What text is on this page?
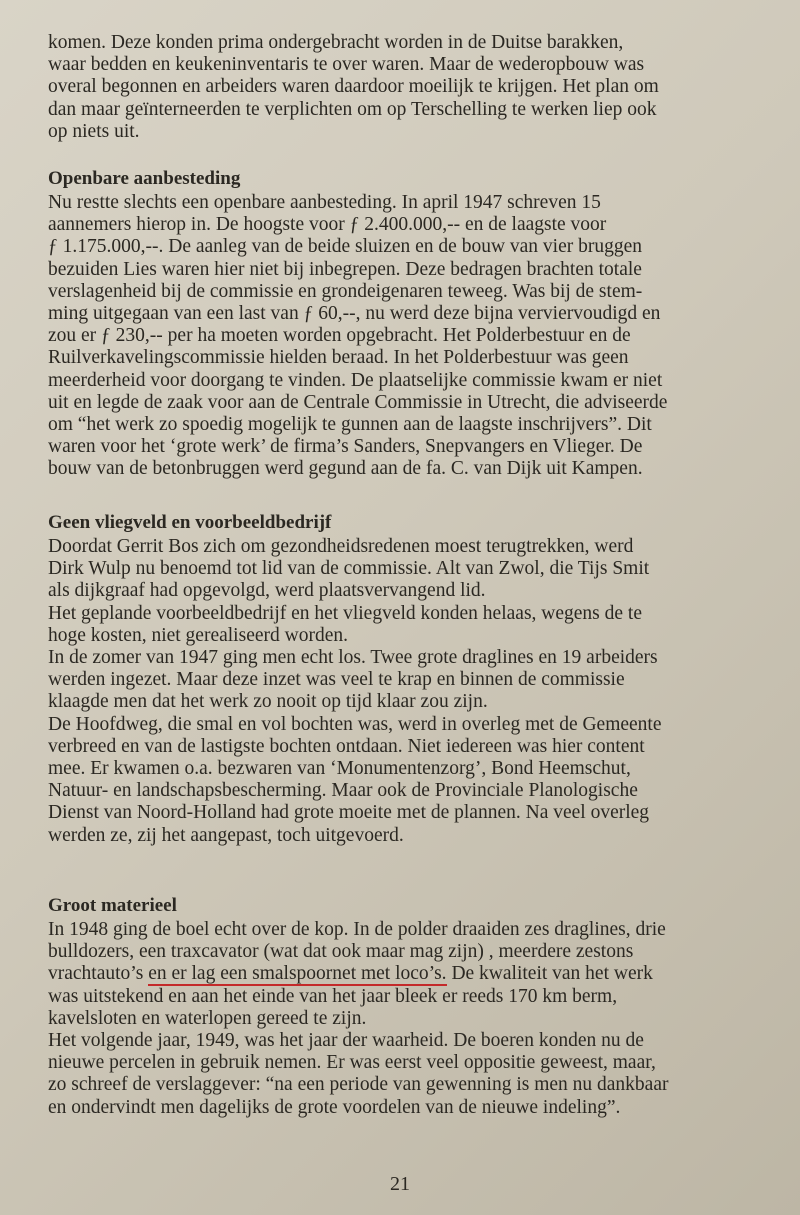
komen. Deze konden prima ondergebracht worden in de Duitse barakken,
waar bedden en keukeninventaris te over waren. Maar de wederopbouw was
overal begonnen en arbeiders waren daardoor moeilijk te krijgen. Het plan om
dan maar geïnterneerden te verplichten om op Terschelling te werken liep ook
op niets uit.
Openbare aanbesteding
Nu restte slechts een openbare aanbesteding. In april 1947 schreven 15
aannemers hierop in. De hoogste voor ƒ 2.400.000,-- en de laagste voor
ƒ 1.175.000,--. De aanleg van de beide sluizen en de bouw van vier bruggen
bezuiden Lies waren hier niet bij inbegrepen. Deze bedragen brachten totale
verslagenheid bij de commissie en grondeigenaren teweeg. Was bij de stem-
ming uitgegaan van een last van ƒ 60,--, nu werd deze bijna verviervoudigd en
zou er ƒ 230,-- per ha moeten worden opgebracht. Het Polderbestuur en de
Ruilverkavelingscommissie hielden beraad. In het Polderbestuur was geen
meerderheid voor doorgang te vinden. De plaatselijke commissie kwam er niet
uit en legde de zaak voor aan de Centrale Commissie in Utrecht, die adviseerde
om “het werk zo spoedig mogelijk te gunnen aan de laagste inschrijvers”. Dit
waren voor het ‘grote werk’ de firma’s Sanders, Snepvangers en Vlieger. De
bouw van de betonbruggen werd gegund aan de fa. C. van Dijk uit Kampen.
Geen vliegveld en voorbeeldbedrijf
Doordat Gerrit Bos zich om gezondheidsredenen moest terugtrekken, werd
Dirk Wulp nu benoemd tot lid van de commissie. Alt van Zwol, die Tijs Smit
als dijkgraaf had opgevolgd, werd plaatsvervangend lid.
Het geplande voorbeeldbedrijf en het vliegveld konden helaas, wegens de te
hoge kosten, niet gerealiseerd worden.
In de zomer van 1947 ging men echt los. Twee grote draglines en 19 arbeiders
werden ingezet. Maar deze inzet was veel te krap en binnen de commissie
klaagde men dat het werk zo nooit op tijd klaar zou zijn.
De Hoofdweg, die smal en vol bochten was, werd in overleg met de Gemeente
verbreed en van de lastigste bochten ontdaan. Niet iedereen was hier content
mee. Er kwamen o.a. bezwaren van ‘Monumentenzorg’, Bond Heemschut,
Natuur- en landschapsbescherming. Maar ook de Provinciale Planologische
Dienst van Noord-Holland had grote moeite met de plannen. Na veel overleg
werden ze, zij het aangepast, toch uitgevoerd.
Groot materieel
In 1948 ging de boel echt over de kop. In de polder draaiden zes draglines, drie
bulldozers, een traxcavator (wat dat ook maar mag zijn) , meerdere zestons
vrachtauto’s en er lag een smalspoornet met loco’s. De kwaliteit van het werk
was uitstekend en aan het einde van het jaar bleek er reeds 170 km berm,
kavelsloten en waterlopen gereed te zijn.
Het volgende jaar, 1949, was het jaar der waarheid. De boeren konden nu de
nieuwe percelen in gebruik nemen. Er was eerst veel oppositie geweest, maar,
zo schreef de verslaggever: “na een periode van gewenning is men nu dankbaar
en ondervindt men dagelijks de grote voordelen van de nieuwe indeling”.
21
